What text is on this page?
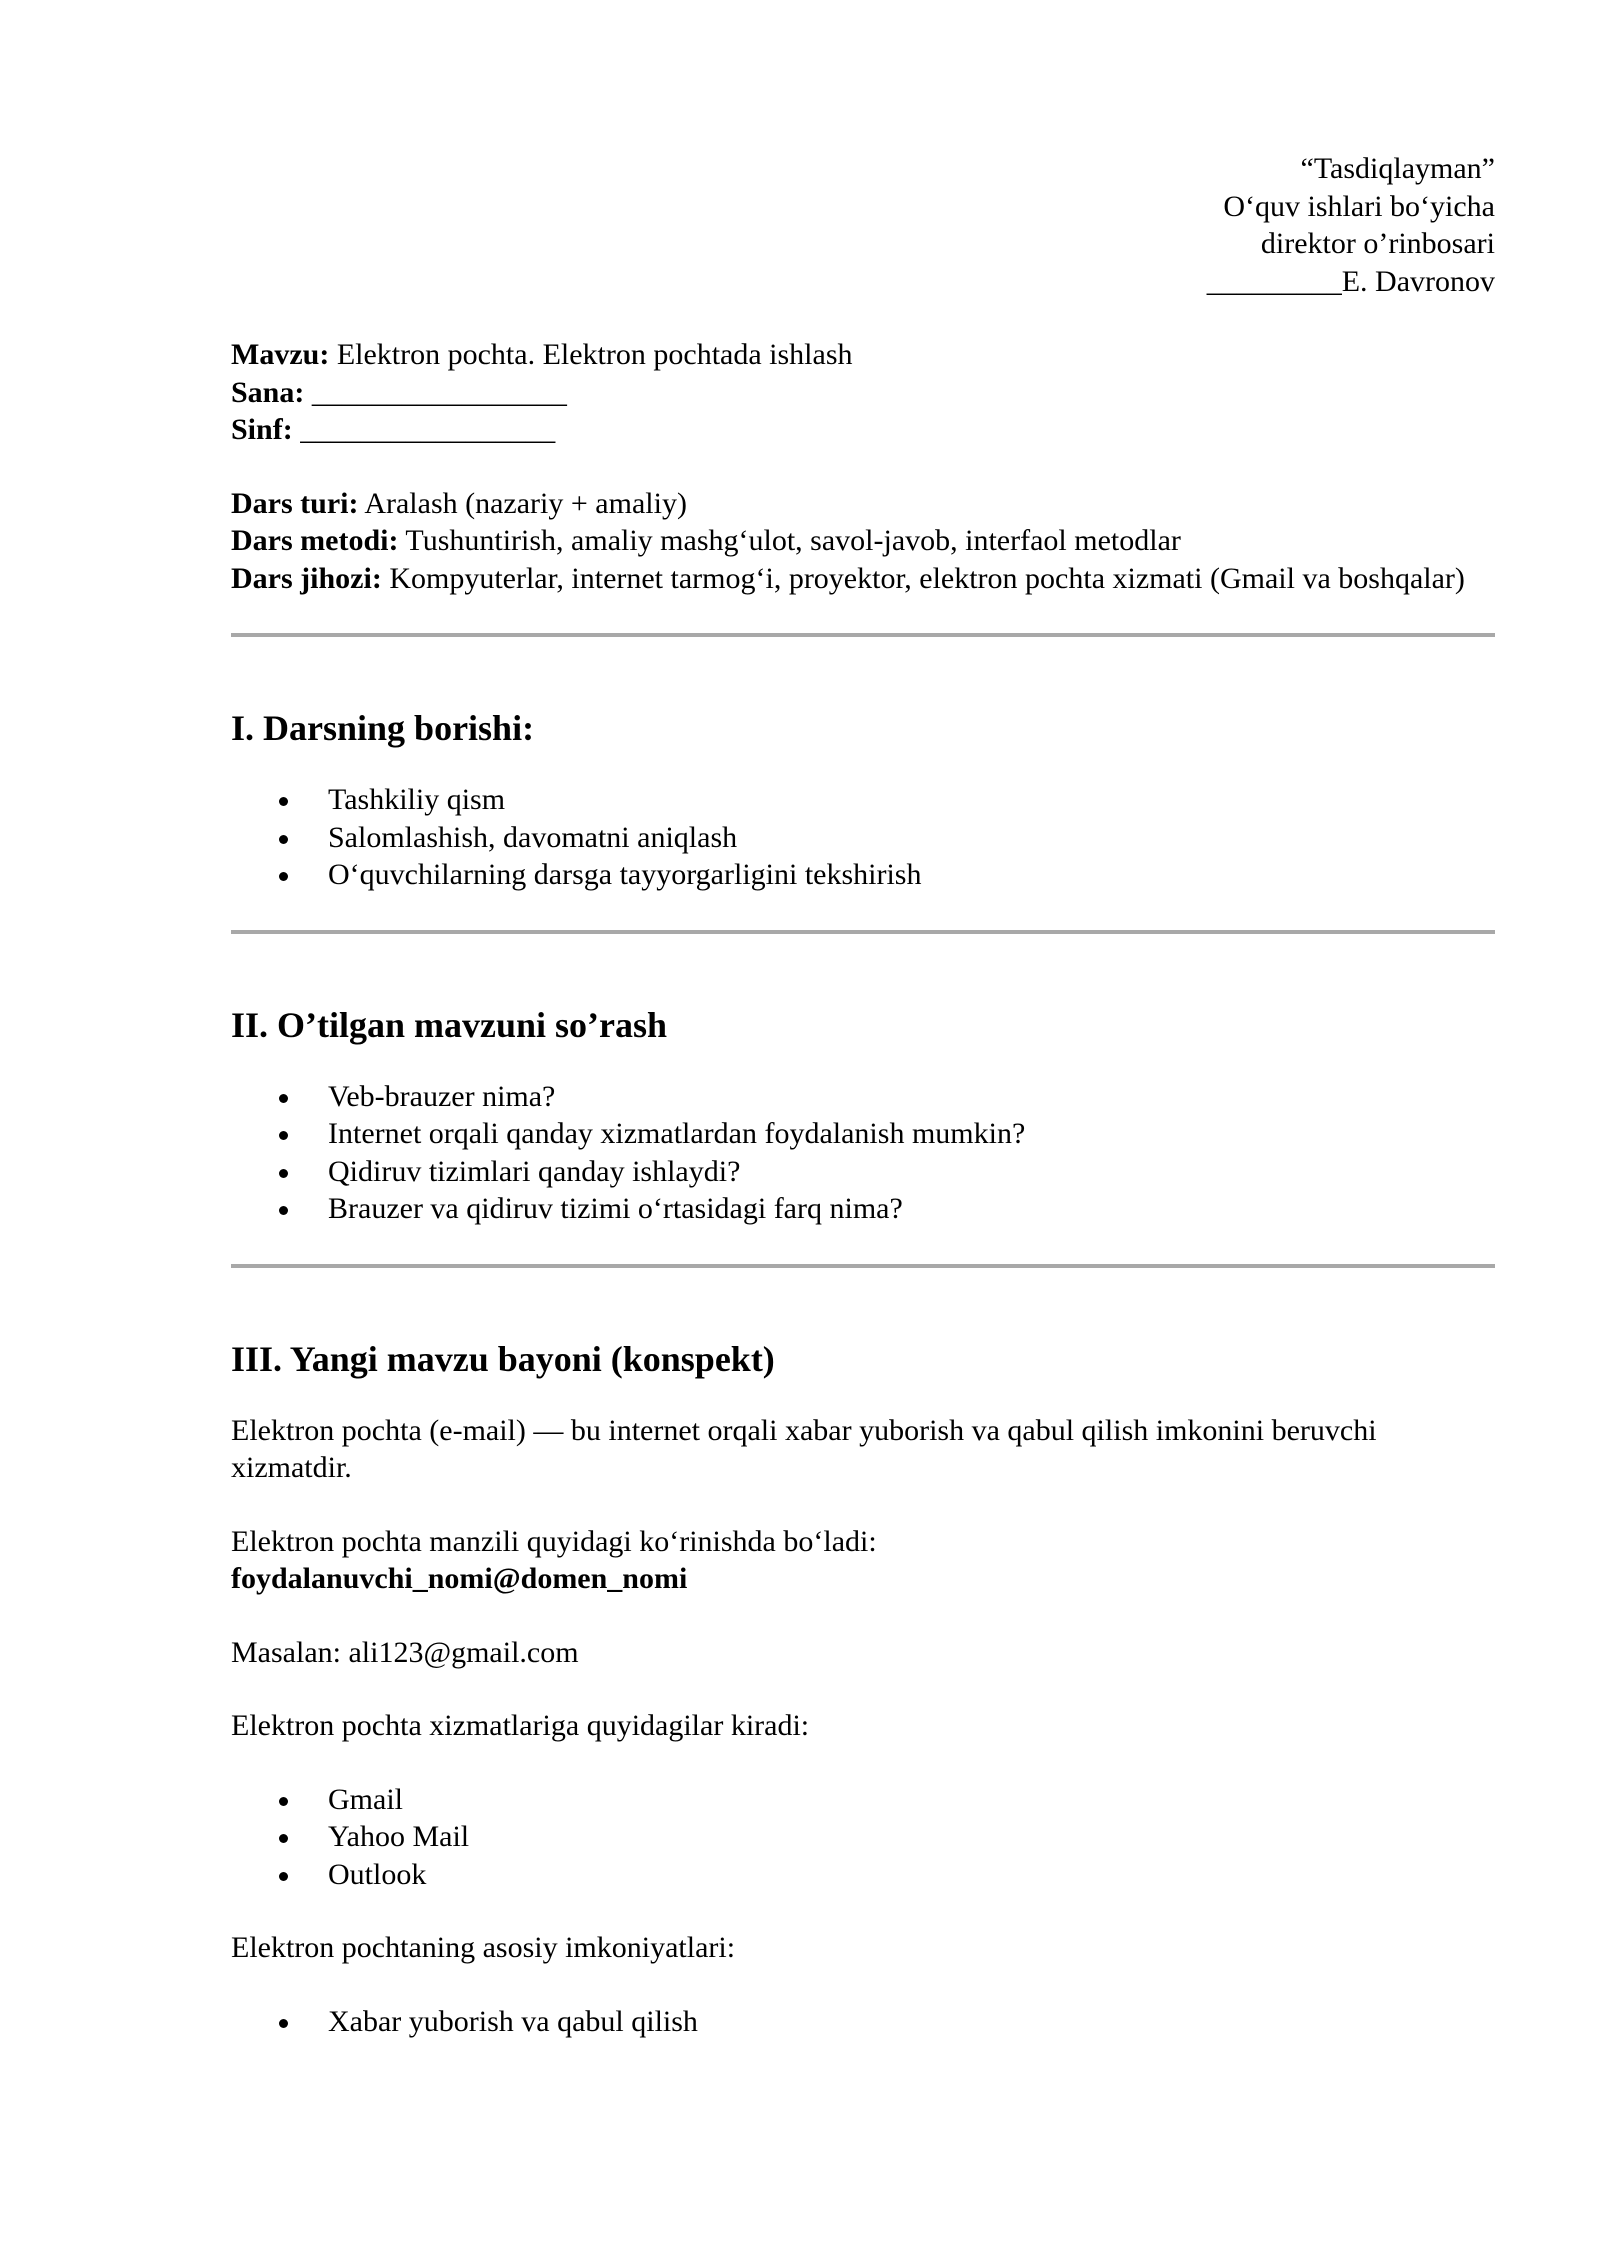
“Tasdiqlayman”
O‘quv ishlari bo‘yicha
direktor o’rinbosari
_________E. Davronov
Mavzu: Elektron pochta. Elektron pochtada ishlash
Sana: _________________
Sinf: _________________
Dars turi: Aralash (nazariy + amaliy)
Dars metodi: Tushuntirish, amaliy mashg‘ulot, savol-javob, interfaol metodlar
Dars jihozi: Kompyuterlar, internet tarmog‘i, proyektor, elektron pochta xizmati (Gmail va boshqalar)
I. Darsning borishi:
Tashkiliy qism
Salomlashish, davomatni aniqlash
O‘quvchilarning darsga tayyorgarligini tekshirish
II. O’tilgan mavzuni so’rash
Veb-brauzer nima?
Internet orqali qanday xizmatlardan foydalanish mumkin?
Qidiruv tizimlari qanday ishlaydi?
Brauzer va qidiruv tizimi o‘rtasidagi farq nima?
III. Yangi mavzu bayoni (konspekt)

Elektron pochta (e-mail) — bu internet orqali xabar yuborish va qabul qilish imkonini beruvchi xizmatdir.

Elektron pochta manzili quyidagi ko‘rinishda bo‘ladi:
foydalanuvchi_nomi@domen_nomi

Masalan: ali123@gmail.com

Elektron pochta xizmatlariga quyidagilar kiradi:

Gmail
Yahoo Mail
Outlook

Elektron pochtaning asosiy imkoniyatlari:

Xabar yuborish va qabul qilish
